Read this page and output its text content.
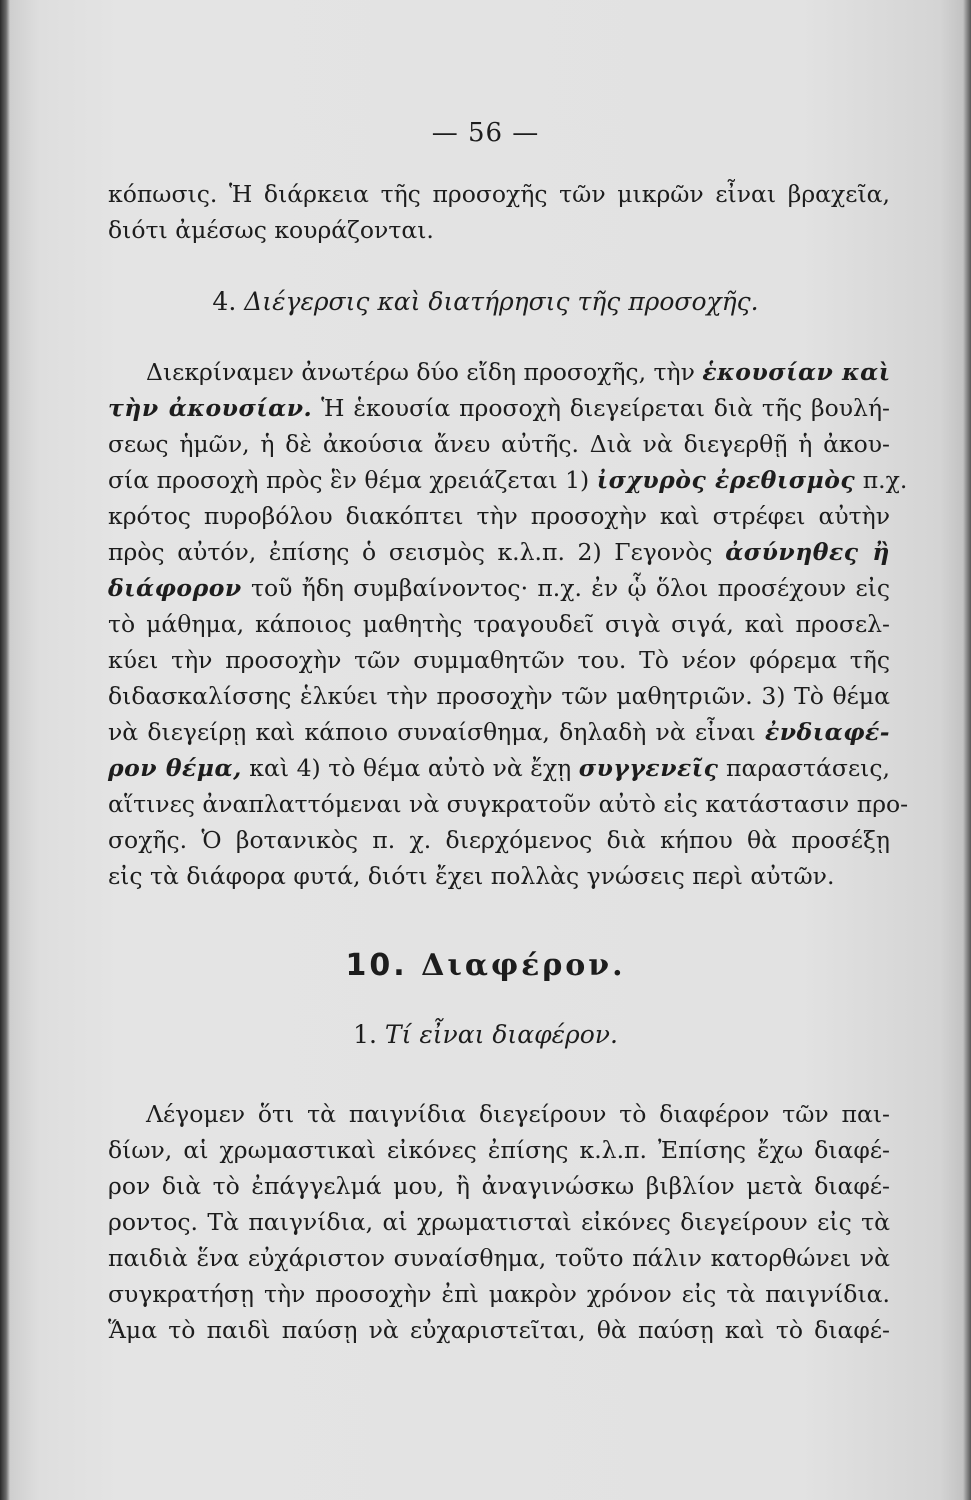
— 56 —
κόπωσις. Ἡ διάρκεια τῆς προσοχῆς τῶν μικρῶν εἶναι βραχεῖα,
διότι ἀμέσως κουράζονται.
4. Διέγερσις καὶ διατήρησις τῆς προσοχῆς.
Διεκρίναμεν ἀνωτέρω δύο εἴδη προσοχῆς, τὴν ἑκουσίαν καὶ
τὴν ἀκουσίαν. Ἡ ἑκουσία προσοχὴ διεγείρεται διὰ τῆς βουλή-
σεως ἡμῶν, ἡ δὲ ἀκούσια ἄνευ αὐτῆς. Διὰ νὰ διεγερθῇ ἡ ἀκου-
σία προσοχὴ πρὸς ἓν θέμα χρειάζεται 1) ἰσχυρὸς ἐρεθισμὸς π.χ.
κρότος πυροβόλου διακόπτει τὴν προσοχὴν καὶ στρέφει αὐτὴν
πρὸς αὐτόν, ἐπίσης ὁ σεισμὸς κ.λ.π. 2) Γεγονὸς ἀσύνηθες ἢ
διάφορον τοῦ ἤδη συμβαίνοντος· π.χ. ἐν ᾧ ὅλοι προσέχουν εἰς
τὸ μάθημα, κάποιος μαθητὴς τραγουδεῖ σιγὰ σιγά, καὶ προσελ-
κύει τὴν προσοχὴν τῶν συμμαθητῶν του. Τὸ νέον φόρεμα τῆς
διδασκαλίσσης ἑλκύει τὴν προσοχὴν τῶν μαθητριῶν. 3) Τὸ θέμα
νὰ διεγείρῃ καὶ κάποιο συναίσθημα, δηλαδὴ νὰ εἶναι ἐνδιαφέ-
ρον θέμα, καὶ 4) τὸ θέμα αὐτὸ νὰ ἔχῃ συγγενεῖς παραστάσεις,
αἵτινες ἀναπλαττόμεναι νὰ συγκρατοῦν αὐτὸ εἰς κατάστασιν προ-
σοχῆς. Ὁ βοτανικὸς π. χ. διερχόμενος διὰ κήπου θὰ προσέξῃ
εἰς τὰ διάφορα φυτά, διότι ἔχει πολλὰς γνώσεις περὶ αὐτῶν.
10. Διαφέρον.
1. Τί εἶναι διαφέρον.
Λέγομεν ὅτι τὰ παιγνίδια διεγείρουν τὸ διαφέρον τῶν παι-
δίων, αἱ χρωμαστικαὶ εἰκόνες ἐπίσης κ.λ.π. Ἐπίσης ἔχω διαφέ-
ρον διὰ τὸ ἐπάγγελμά μου, ἢ ἀναγινώσκω βιβλίον μετὰ διαφέ-
ροντος. Τὰ παιγνίδια, αἱ χρωματισταὶ εἰκόνες διεγείρουν εἰς τὰ
παιδιὰ ἕνα εὐχάριστον συναίσθημα, τοῦτο πάλιν κατορθώνει νὰ
συγκρατήσῃ τὴν προσοχὴν ἐπὶ μακρὸν χρόνον εἰς τὰ παιγνίδια.
Ἅμα τὸ παιδὶ παύσῃ νὰ εὐχαριστεῖται, θὰ παύσῃ καὶ τὸ διαφέ-
